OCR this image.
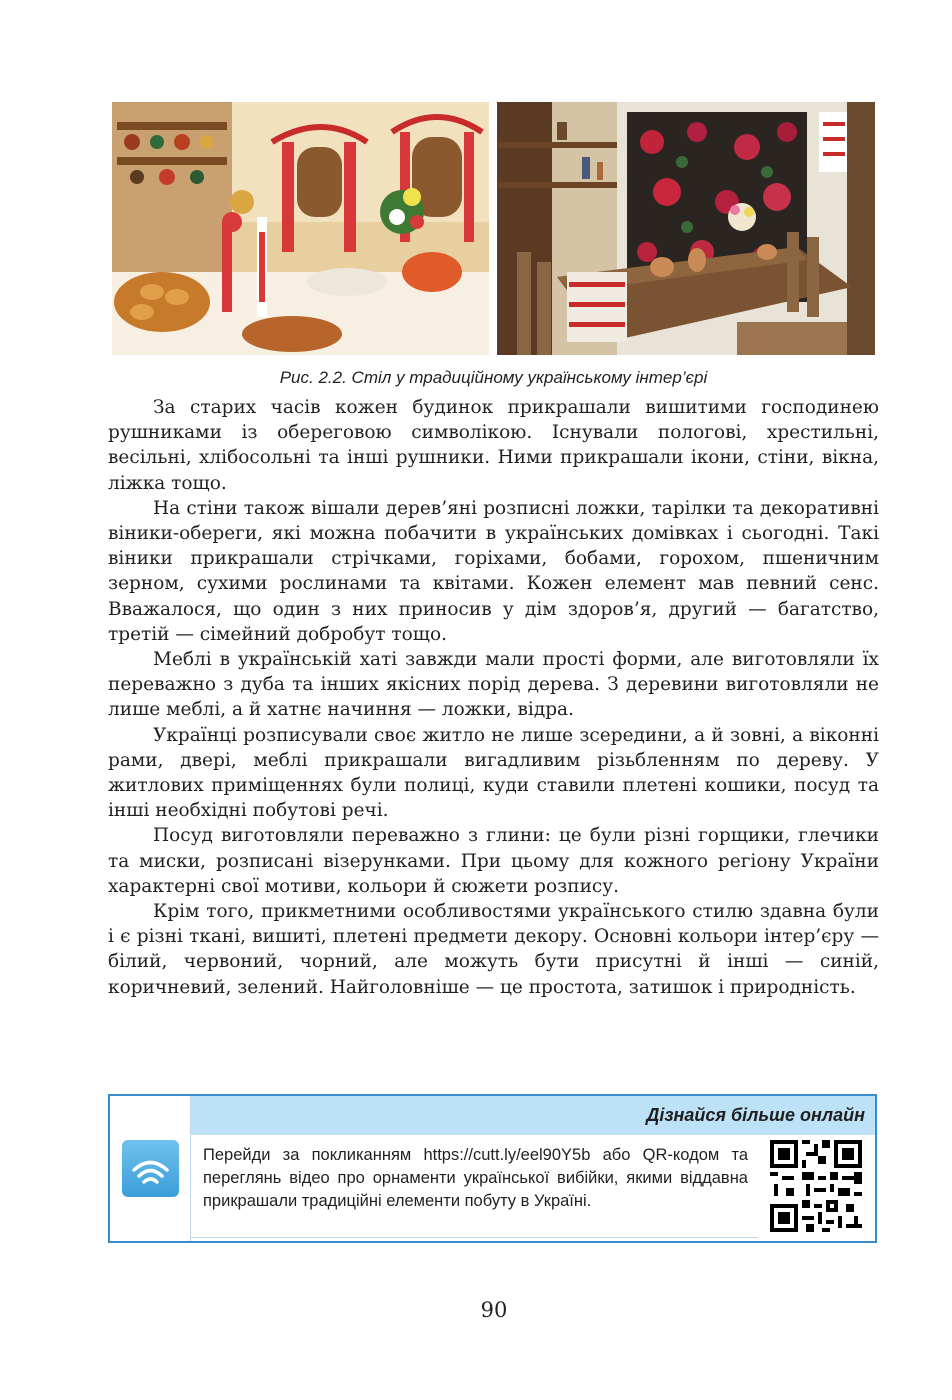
Рис. 2.2. Стіл у традиційному українському інтер’єрі

За старих часів кожен будинок прикрашали вишитими господинею рушниками із обереговою символікою. Існували пологові, хрестильні, весільні, хлібосольні та інші рушники. Ними прикрашали ікони, стіни, вікна, ліжка тощо.

На стіни також вішали дерев’яні розписні ложки, тарілки та декоративні віники-обереги, які можна побачити в українських домівках і сьогодні. Такі віники прикрашали стрічками, горіхами, бобами, горохом, пшеничним зерном, сухими рослинами та квітами. Кожен елемент мав певний сенс. Вважалося, що один з них приносив у дім здоров’я, другий — багатство, третій — сімейний добробут тощо.

Меблі в українській хаті завжди мали прості форми, але виготовляли їх переважно з дуба та інших якісних порід дерева. З деревини виготовляли не лише меблі, а й хатнє начиння — ложки, відра.

Українці розписували своє житло не лише зсередини, а й зовні, а віконні рами, двері, меблі прикрашали вигадливим різьбленням по дереву. У житлових приміщеннях були полиці, куди ставили плетені кошики, посуд та інші необхідні побутові речі.

Посуд виготовляли переважно з глини: це були різні горщики, глечики та миски, розписані візерунками. При цьому для кожного регіону України характерні свої мотиви, кольори й сюжети розпису.

Крім того, прикметними особливостями українського стилю здавна були і є різні ткані, вишиті, плетені предмети декору. Основні кольори інтер’єру — білий, червоний, чорний, але можуть бути присутні й інші — синій, коричневий, зелений. Найголовніше — це простота, затишок і природність.

Дізнайся більше онлайн
Перейди за покликанням https://cutt.ly/eel90Y5b або QR-кодом та переглянь відео про орнаменти української вибійки, якими віддавна прикрашали традиційні елементи побуту в Україні.
90
